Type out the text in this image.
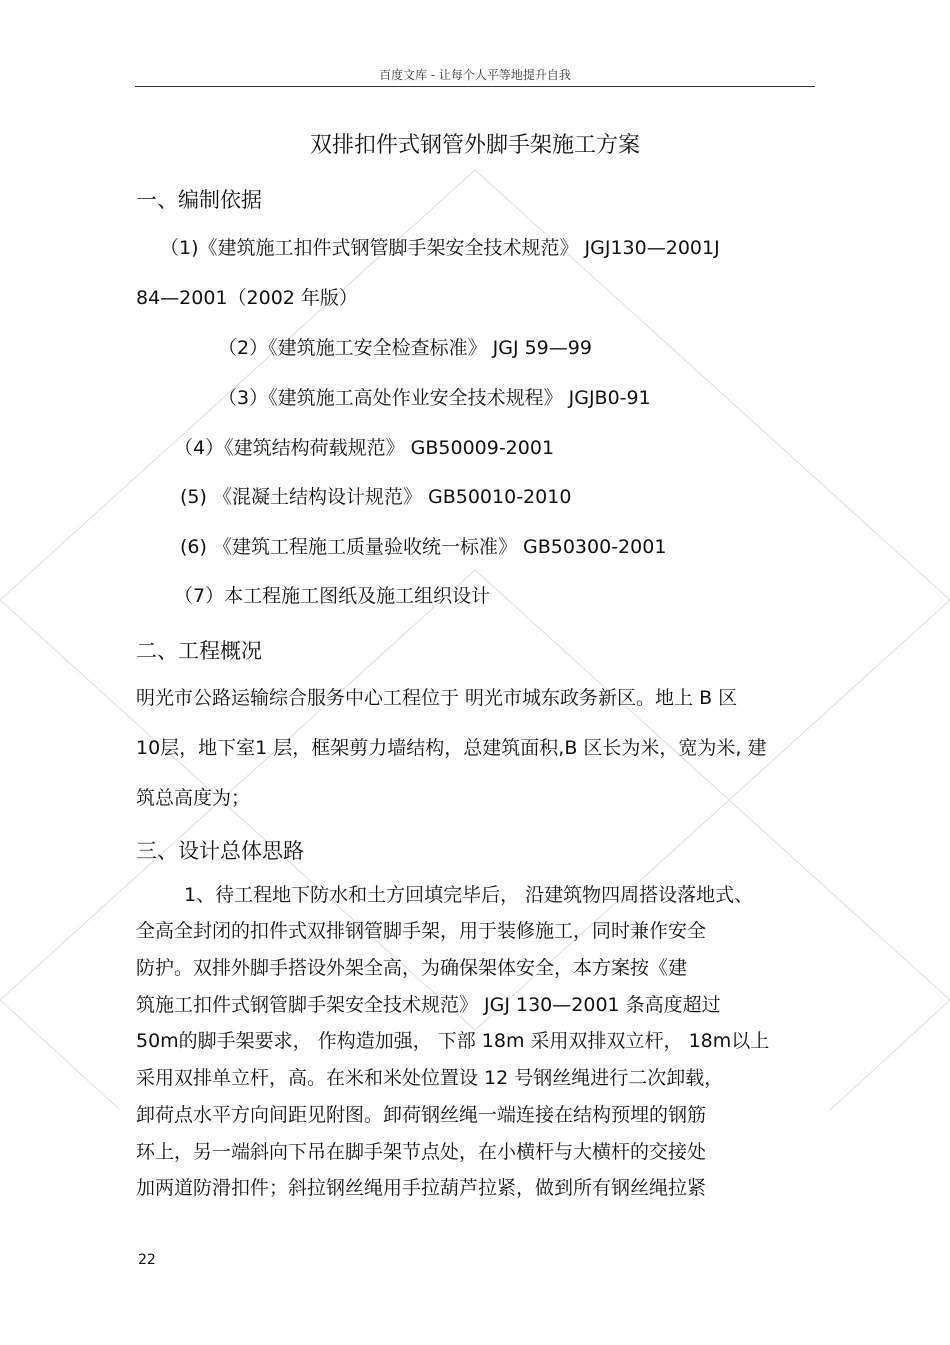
百度文库 - 让每个人平等地提升自我
双排扣件式钢管外脚手架施工方案
一、编制依据
（1)《建筑施工扣件式钢管脚手架安全技术规范》 JGJ130—2001J
84—2001（2002 年版）
（2）《建筑施工安全检查标准》 JGJ 59—99
（3）《建筑施工高处作业安全技术规程》 JGJB0-91
（4）《建筑结构荷载规范》 GB50009-2001
(5) 《混凝土结构设计规范》 GB50010-2010
(6) 《建筑工程施工质量验收统一标准》 GB50300-2001
（7）本工程施工图纸及施工组织设计
二、工程概况
明光市公路运输综合服务中心工程位于 明光市城东政务新区。地上 B 区
10层，地下室1 层，框架剪力墙结构，总建筑面积,B 区长为米，宽为米, 建
筑总高度为；
三、设计总体思路
1、待工程地下防水和土方回填完毕后， 沿建筑物四周搭设落地式、
全高全封闭的扣件式双排钢管脚手架，用于装修施工，同时兼作安全
防护。双排外脚手搭设外架全高，为确保架体安全，本方案按《建
筑施工扣件式钢管脚手架安全技术规范》 JGJ 130—2001 条高度超过
50m的脚手架要求， 作构造加强， 下部 18m 采用双排双立杆， 18m以上
采用双排单立杆，高。在米和米处位置设 12 号钢丝绳进行二次卸载，
卸荷点水平方向间距见附图。卸荷钢丝绳一端连接在结构预埋的钢筋
环上，另一端斜向下吊在脚手架节点处，在小横杆与大横杆的交接处
加两道防滑扣件；斜拉钢丝绳用手拉葫芦拉紧，做到所有钢丝绳拉紧
22
